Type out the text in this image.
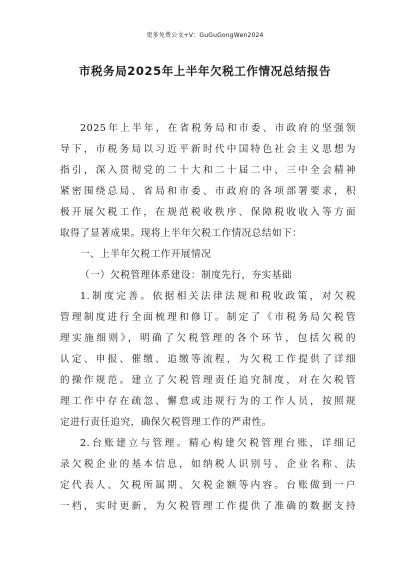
更多免费公文+V：GuGuGongWen2024
市税务局2025年上半年欠税工作情况总结报告
2025年上半年，在省税务局和市委、市政府的坚强领
导下，市税务局以习近平新时代中国特色社会主义思想为
指引，深入贯彻党的二十大和二十届二中、三中全会精神
紧密围绕总局、省局和市委、市政府的各项部署要求，积
极开展欠税工作，在规范税收秩序、保障税收收入等方面
取得了显著成果。现将上半年欠税工作情况总结如下：
一、上半年欠税工作开展情况
（一）欠税管理体系建设：制度先行，夯实基础
1.制度完善。依据相关法律法规和税收政策，对欠税
管理制度进行全面梳理和修订。制定了《市税务局欠税管
理实施细则》，明确了欠税管理的各个环节，包括欠税的
认定、申报、催缴、追缴等流程，为欠税工作提供了详细
的操作规范。建立了欠税管理责任追究制度，对在欠税管
理工作中存在疏忽、懈怠或违规行为的工作人员，按照规
定进行责任追究，确保欠税管理工作的严肃性。
2.台账建立与管理。精心构建欠税管理台账，详细记
录欠税企业的基本信息，如纳税人识别号、企业名称、法
定代表人、欠税所属期、欠税金额等内容。台账做到一户
一档，实时更新，为欠税管理工作提供了准确的数据支持
